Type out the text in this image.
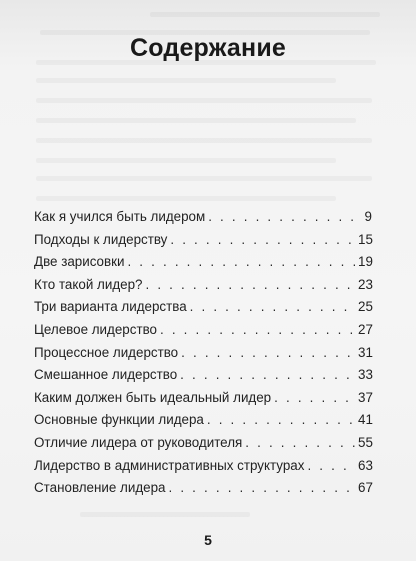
Содержание
Как я учился быть лидером . . .	9
Подходы к лидерству . . .	15
Две зарисовки . . .	19
Кто такой лидер? . . .	23
Три варианта лидерства . . .	25
Целевое лидерство . . .	27
Процессное лидерство . . .	31
Смешанное лидерство . . .	33
Каким должен быть идеальный лидер . . .	37
Основные функции лидера . . .	41
Отличие лидера от руководителя . . .	55
Лидерство в административных структурах . . .	63
Становление лидера . . .	67
5
